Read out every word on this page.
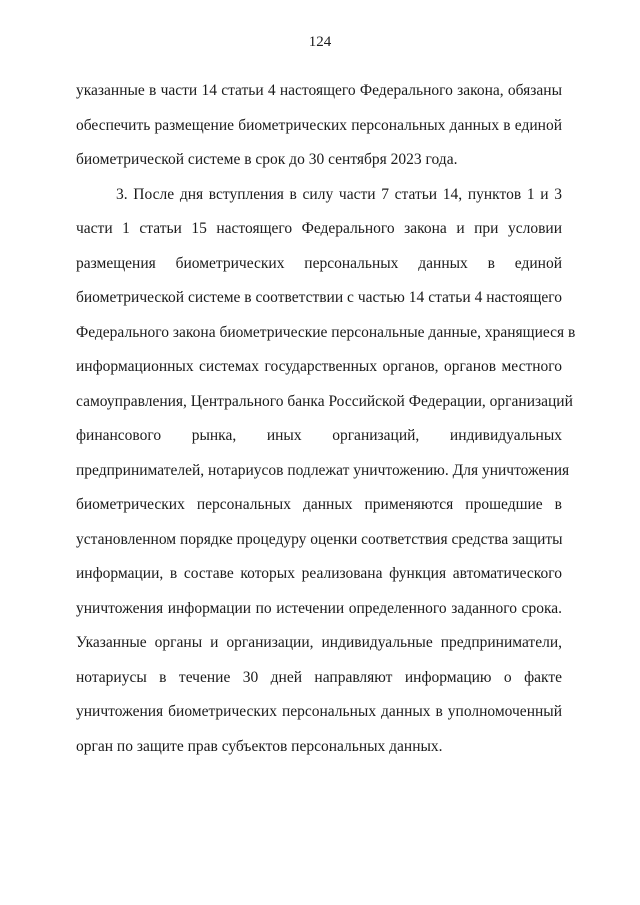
124
указанные в части 14 статьи 4 настоящего Федерального закона, обязаны
обеспечить размещение биометрических персональных данных в единой
биометрической системе в срок до 30 сентября 2023 года.
3. После дня вступления в силу части 7 статьи 14, пунктов 1 и 3
части 1 статьи 15 настоящего Федерального закона и при условии
размещения биометрических персональных данных в единой
биометрической системе в соответствии с частью 14 статьи 4 настоящего
Федерального закона биометрические персональные данные, хранящиеся в
информационных системах государственных органов, органов местного
самоуправления, Центрального банка Российской Федерации, организаций
финансового рынка, иных организаций, индивидуальных
предпринимателей, нотариусов подлежат уничтожению. Для уничтожения
биометрических персональных данных применяются прошедшие в
установленном порядке процедуру оценки соответствия средства защиты
информации, в составе которых реализована функция автоматического
уничтожения информации по истечении определенного заданного срока.
Указанные органы и организации, индивидуальные предприниматели,
нотариусы в течение 30 дней направляют информацию о факте
уничтожения биометрических персональных данных в уполномоченный
орган по защите прав субъектов персональных данных.
